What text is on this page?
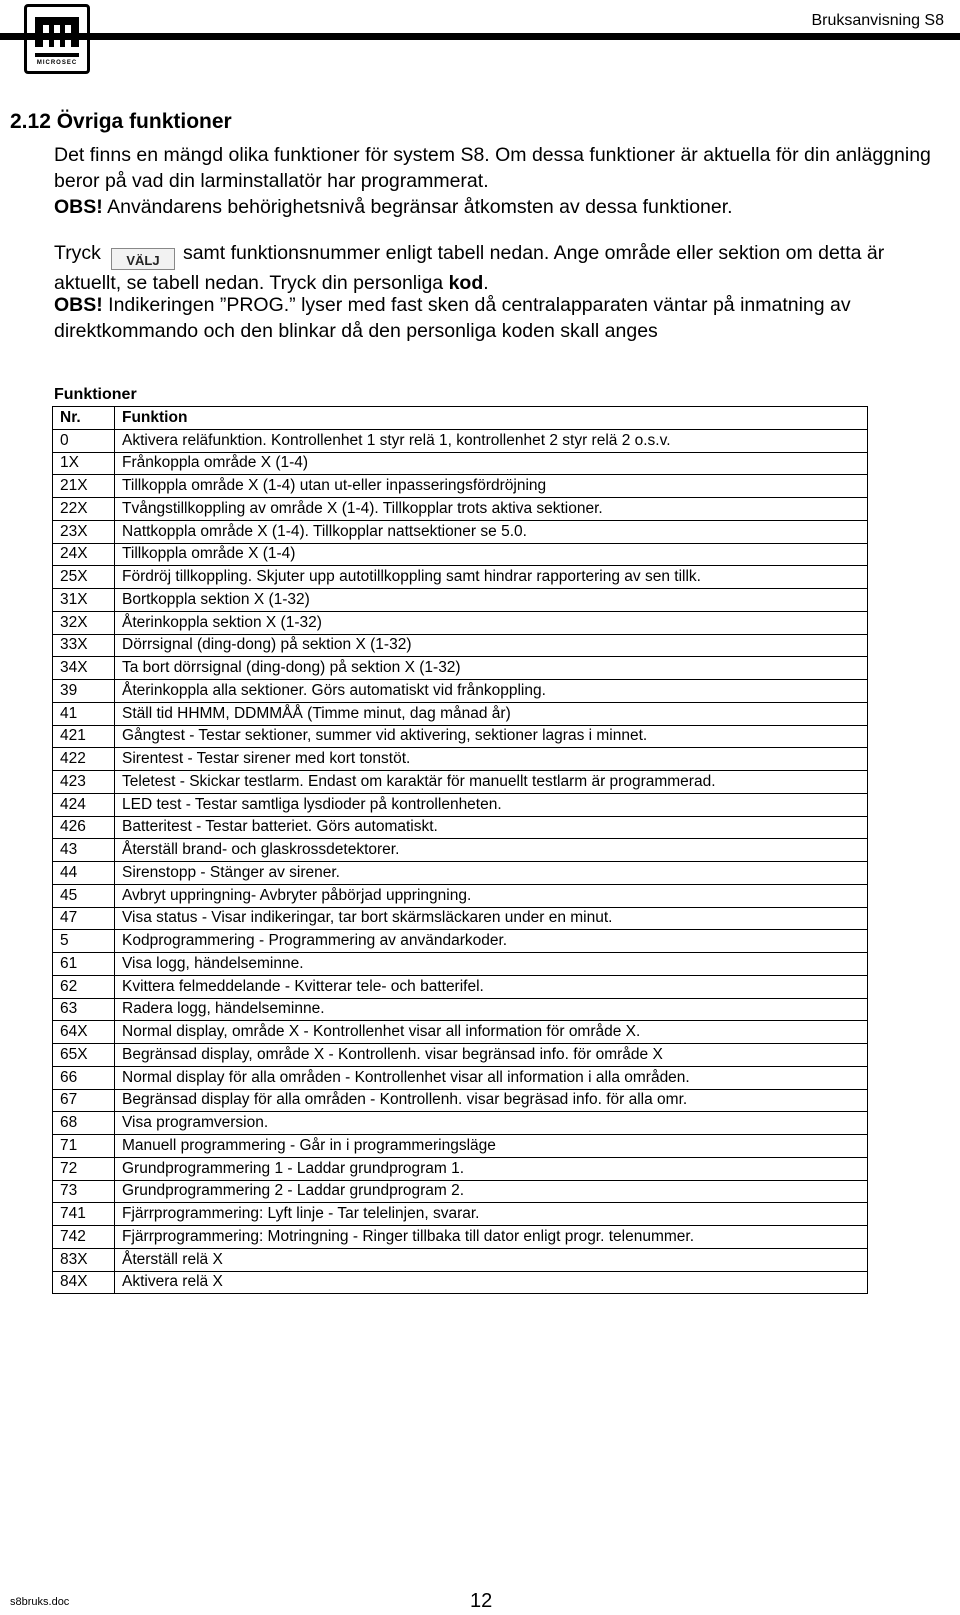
MICROSEC
Bruksanvisning S8
2.12 Övriga funktioner

Det finns en mängd olika funktioner för system S8. Om dessa funktioner är aktuella för din anläggning beror på vad din larminstallatör har programmerat.

OBS! Användarens behörighetsnivå begränsar åtkomsten av dessa funktioner.

Tryck VÄLJ samt funktionsnummer enligt tabell nedan. Ange område eller sektion om detta är aktuellt, se tabell nedan. Tryck din personliga kod.

OBS! Indikeringen ”PROG.” lyser med fast sken då centralapparaten väntar på inmatning av direktkommando och den blinkar då den personliga koden skall anges

Funktioner

Nr.	Funktion
0	Aktivera reläfunktion. Kontrollenhet 1 styr relä 1, kontrollenhet 2 styr relä 2 o.s.v.
1X	Frånkoppla område X (1-4)
21X	Tillkoppla område X (1-4) utan ut-eller inpasseringsfördröjning
22X	Tvångstillkoppling av område X (1-4). Tillkopplar trots aktiva sektioner.
23X	Nattkoppla område X (1-4). Tillkopplar nattsektioner se 5.0.
24X	Tillkoppla område X (1-4)
25X	Fördröj tillkoppling. Skjuter upp autotillkoppling samt hindrar rapportering av sen tillk.
31X	Bortkoppla sektion X (1-32)
32X	Återinkoppla sektion X (1-32)
33X	Dörrsignal (ding-dong) på sektion X (1-32)
34X	Ta bort dörrsignal (ding-dong) på sektion X (1-32)
39	Återinkoppla alla sektioner. Görs automatiskt vid frånkoppling.
41	Ställ tid HHMM, DDMMÅÅ (Timme minut, dag månad år)
421	Gångtest - Testar sektioner, summer vid aktivering, sektioner lagras i minnet.
422	Sirentest - Testar sirener med kort tonstöt.
423	Teletest - Skickar testlarm. Endast om karaktär för manuellt testlarm är programmerad.
424	LED test - Testar samtliga lysdioder på kontrollenheten.
426	Batteritest - Testar batteriet. Görs automatiskt.
43	Återställ brand- och glaskrossdetektorer.
44	Sirenstopp - Stänger av sirener.
45	Avbryt uppringning- Avbryter påbörjad uppringning.
47	Visa status - Visar indikeringar, tar bort skärmsläckaren under en minut.
5	Kodprogrammering - Programmering av användarkoder.
61	Visa logg, händelseminne.
62	Kvittera felmeddelande - Kvitterar tele- och batterifel.
63	Radera logg, händelseminne.
64X	Normal display, område X - Kontrollenhet visar all information för område X.
65X	Begränsad display, område X - Kontrollenh. visar begränsad info. för område X
66	Normal display för alla områden - Kontrollenhet visar all information i alla områden.
67	Begränsad display för alla områden - Kontrollenh. visar begräsad info. för alla omr.
68	Visa programversion.
71	Manuell programmering - Går in i programmeringsläge
72	Grundprogrammering 1 - Laddar grundprogram 1.
73	Grundprogrammering 2 - Laddar grundprogram 2.
741	Fjärrprogrammering: Lyft linje - Tar telelinjen, svarar.
742	Fjärrprogrammering: Motringning - Ringer tillbaka till dator enligt progr. telenummer.
83X	Återställ relä X
84X	Aktivera relä X
s8bruks.doc	12
